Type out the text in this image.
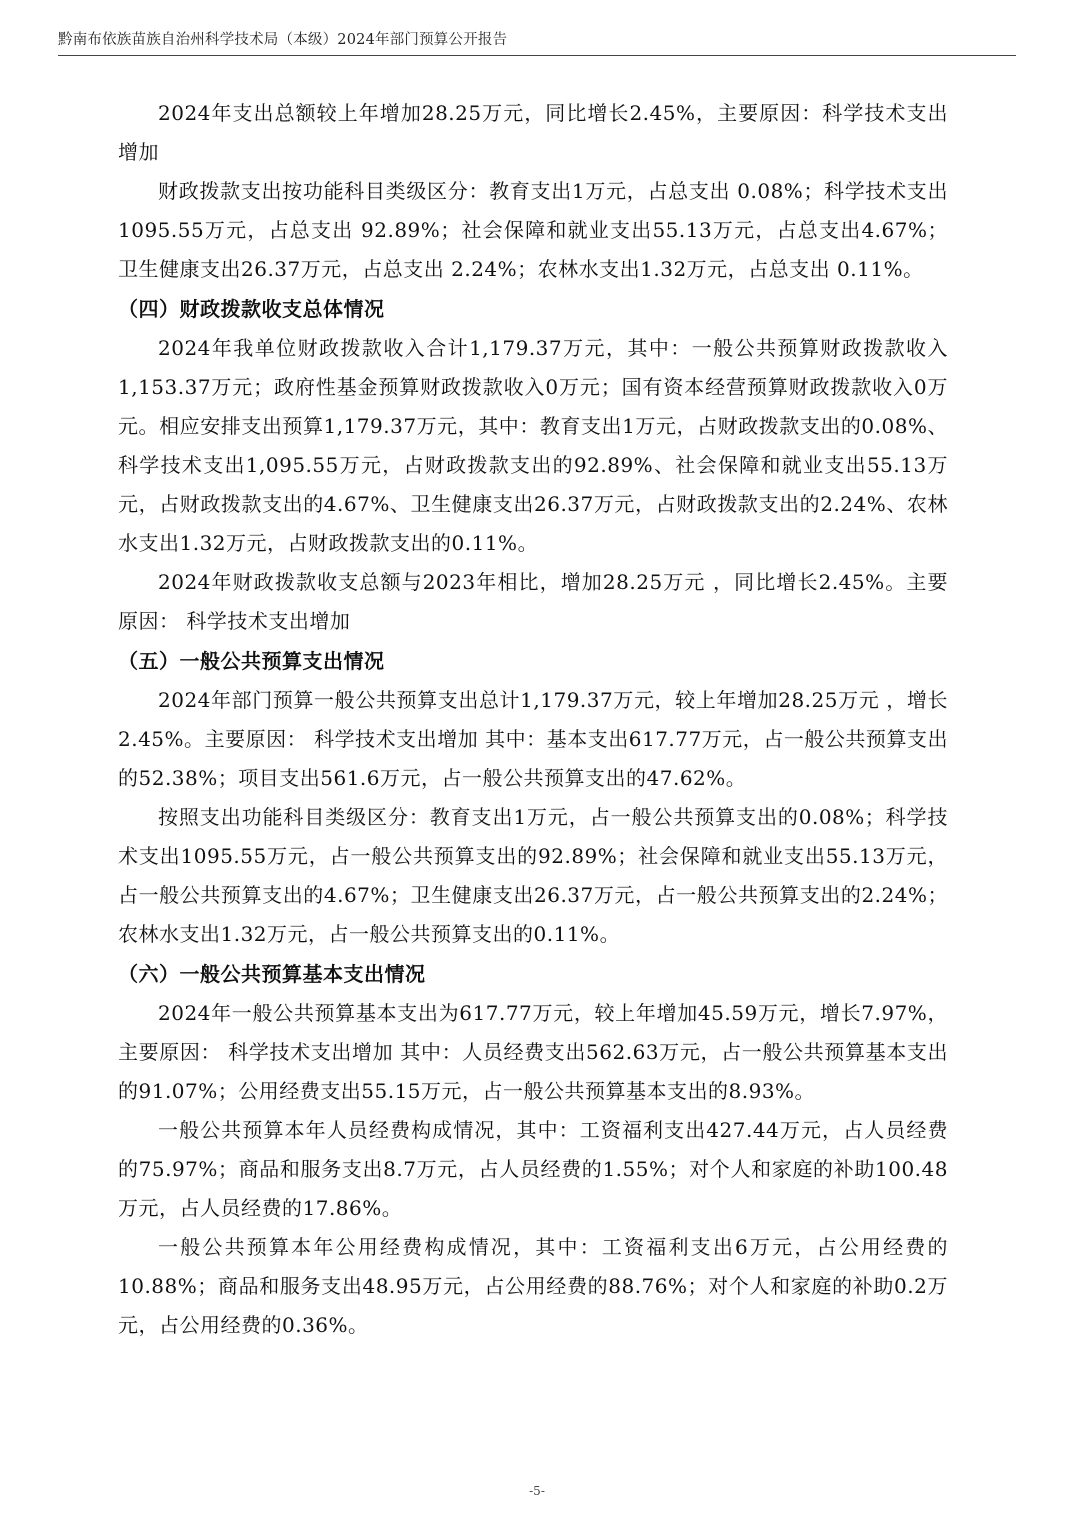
黔南布依族苗族自治州科学技术局（本级）2024年部门预算公开报告

2024年支出总额较上年增加28.25万元，同比增长2.45%，主要原因：科学技术支出增加

财政拨款支出按功能科目类级区分：教育支出1万元，占总支出 0.08%；科学技术支出1095.55万元，占总支出 92.89%；社会保障和就业支出55.13万元，占总支出4.67%；卫生健康支出26.37万元，占总支出 2.24%；农林水支出1.32万元，占总支出 0.11%。

（四）财政拨款收支总体情况

2024年我单位财政拨款收入合计1,179.37万元，其中：一般公共预算财政拨款收入1,153.37万元；政府性基金预算财政拨款收入0万元；国有资本经营预算财政拨款收入0万元。相应安排支出预算1,179.37万元，其中：教育支出1万元，占财政拨款支出的0.08%、科学技术支出1,095.55万元，占财政拨款支出的92.89%、社会保障和就业支出55.13万元，占财政拨款支出的4.67%、卫生健康支出26.37万元，占财政拨款支出的2.24%、农林水支出1.32万元，占财政拨款支出的0.11%。

2024年财政拨款收支总额与2023年相比，增加28.25万元 ，同比增长2.45%。主要原因： 科学技术支出增加

（五）一般公共预算支出情况

2024年部门预算一般公共预算支出总计1,179.37万元，较上年增加28.25万元 ，增长2.45%。主要原因： 科学技术支出增加 其中：基本支出617.77万元，占一般公共预算支出的52.38%；项目支出561.6万元，占一般公共预算支出的47.62%。

按照支出功能科目类级区分：教育支出1万元，占一般公共预算支出的0.08%；科学技术支出1095.55万元，占一般公共预算支出的92.89%；社会保障和就业支出55.13万元，占一般公共预算支出的4.67%；卫生健康支出26.37万元，占一般公共预算支出的2.24%；农林水支出1.32万元，占一般公共预算支出的0.11%。

（六）一般公共预算基本支出情况

2024年一般公共预算基本支出为617.77万元，较上年增加45.59万元，增长7.97%，主要原因： 科学技术支出增加 其中：人员经费支出562.63万元，占一般公共预算基本支出的91.07%；公用经费支出55.15万元，占一般公共预算基本支出的8.93%。

一般公共预算本年人员经费构成情况，其中：工资福利支出427.44万元，占人员经费的75.97%；商品和服务支出8.7万元，占人员经费的1.55%；对个人和家庭的补助100.48万元，占人员经费的17.86%。

一般公共预算本年公用经费构成情况，其中：工资福利支出6万元，占公用经费的10.88%；商品和服务支出48.95万元，占公用经费的88.76%；对个人和家庭的补助0.2万元，占公用经费的0.36%。

-5-
